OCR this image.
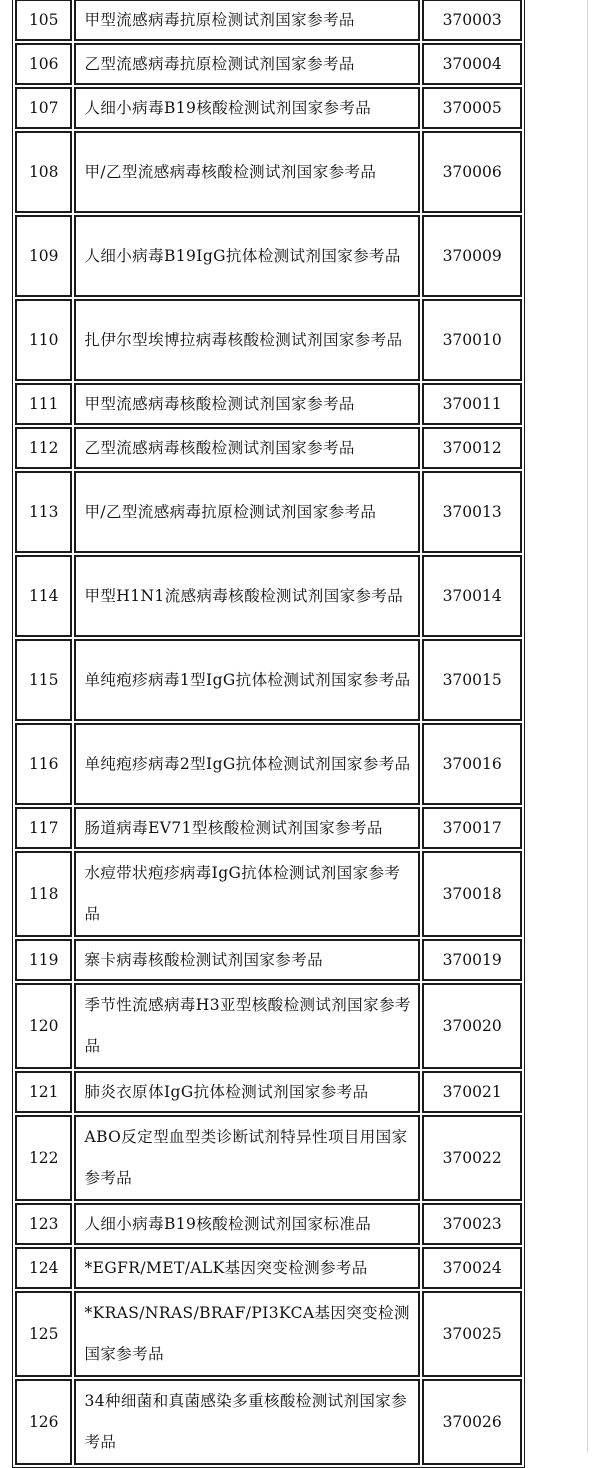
105	甲型流感病毒抗原检测试剂国家参考品	370003
106	乙型流感病毒抗原检测试剂国家参考品	370004
107	人细小病毒B19核酸检测试剂国家参考品	370005
108	甲/乙型流感病毒核酸检测试剂国家参考品	370006
109	人细小病毒B19IgG抗体检测试剂国家参考品	370009
110	扎伊尔型埃博拉病毒核酸检测试剂国家参考品	370010
111	甲型流感病毒核酸检测试剂国家参考品	370011
112	乙型流感病毒核酸检测试剂国家参考品	370012
113	甲/乙型流感病毒抗原检测试剂国家参考品	370013
114	甲型H1N1流感病毒核酸检测试剂国家参考品	370014
115	单纯疱疹病毒1型IgG抗体检测试剂国家参考品	370015
116	单纯疱疹病毒2型IgG抗体检测试剂国家参考品	370016
117	肠道病毒EV71型核酸检测试剂国家参考品	370017
118	水痘带状疱疹病毒IgG抗体检测试剂国家参考品	370018
119	寨卡病毒核酸检测试剂国家参考品	370019
120	季节性流感病毒H3亚型核酸检测试剂国家参考品	370020
121	肺炎衣原体IgG抗体检测试剂国家参考品	370021
122	ABO反定型血型类诊断试剂特异性项目用国家参考品	370022
123	人细小病毒B19核酸检测试剂国家标准品	370023
124	*EGFR/MET/ALK基因突变检测参考品	370024
125	*KRAS/NRAS/BRAF/PI3KCA基因突变检测国家参考品	370025
126	34种细菌和真菌感染多重核酸检测试剂国家参考品	370026
